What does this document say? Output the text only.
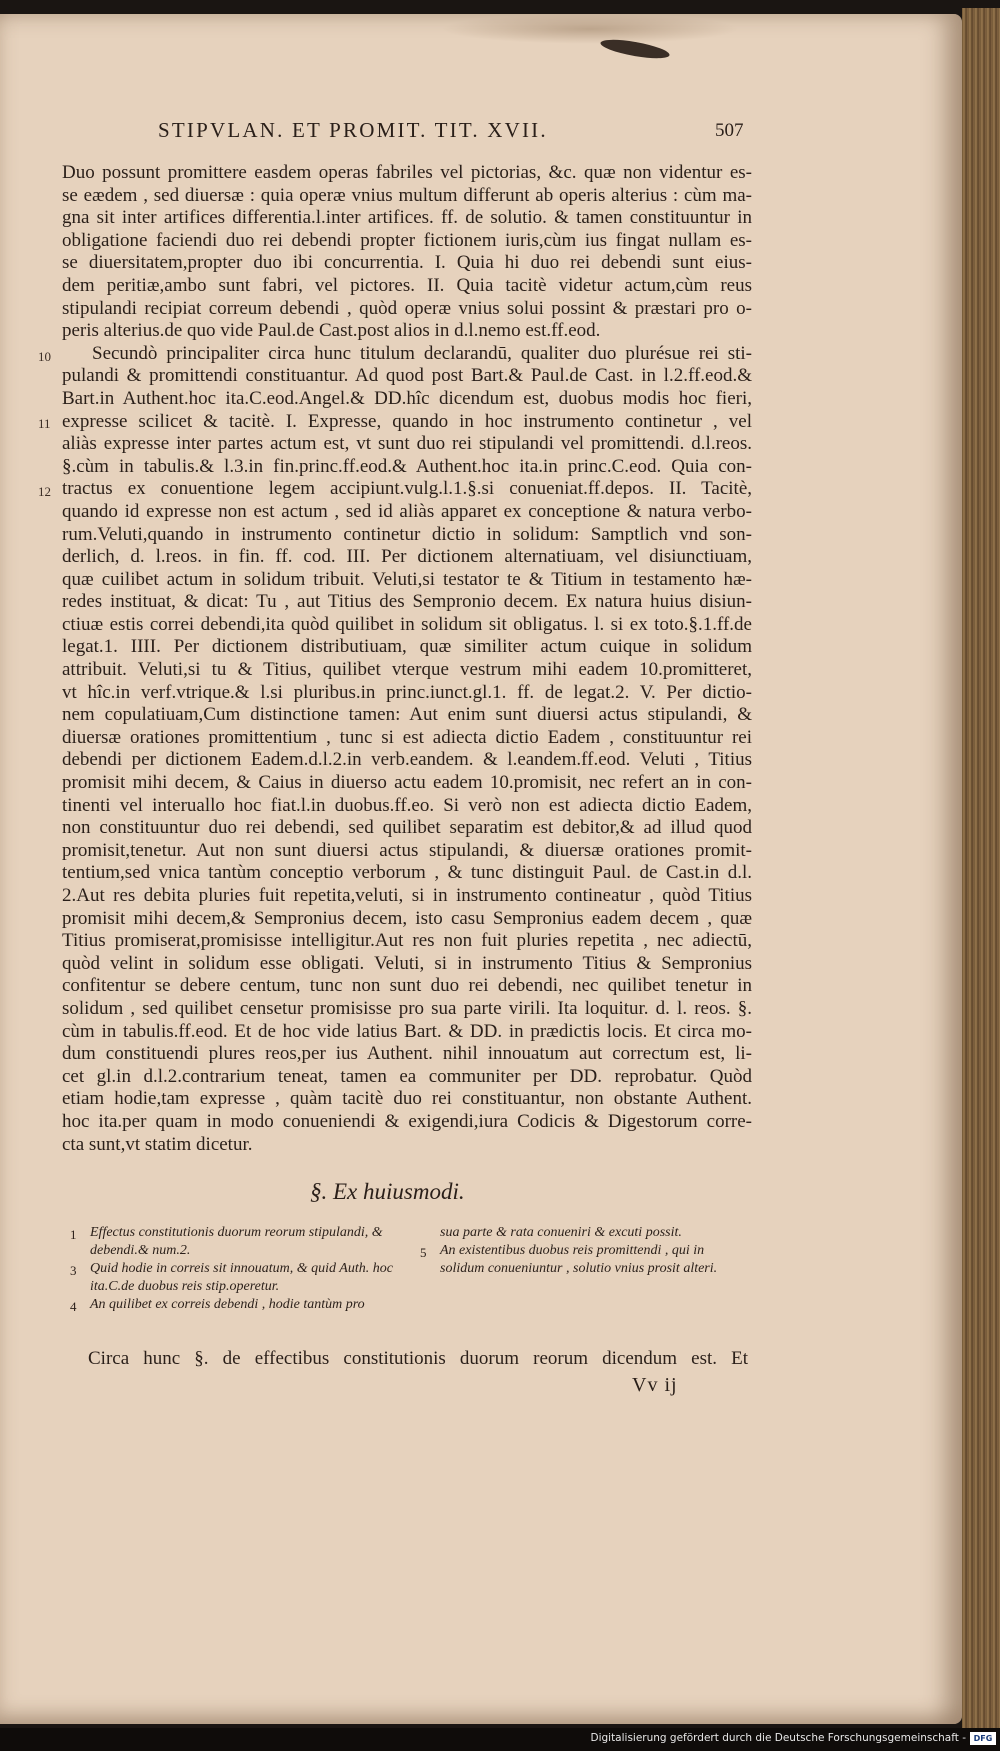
STIPVLAN. ET PROMIT. TIT. XVII.	507
10
11
12
Duo possunt promittere easdem operas fabriles vel pictorias, &c. quæ non videntur es-
se eædem , sed diuersæ : quia operæ vnius multum differunt ab operis alterius : cùm ma-
gna sit inter artifices differentia.l.inter artifices. ff. de solutio. & tamen constituuntur in
obligatione faciendi duo rei debendi propter fictionem iuris,cùm ius fingat nullam es-
se diuersitatem,propter duo ibi concurrentia. I. Quia hi duo rei debendi sunt eius-
dem peritiæ,ambo sunt fabri, vel pictores. II. Quia tacitè videtur actum,cùm reus
stipulandi recipiat correum debendi , quòd operæ vnius solui possint & præstari pro o-
peris alterius.de quo vide Paul.de Cast.post alios in d.l.nemo est.ff.eod.
Secundò principaliter circa hunc titulum declarandū, qualiter duo plurésue rei sti-
pulandi & promittendi constituantur. Ad quod post Bart.& Paul.de Cast. in l.2.ff.eod.&
Bart.in Authent.hoc ita.C.eod.Angel.& DD.hîc dicendum est, duobus modis hoc fieri,
expresse scilicet & tacitè. I. Expresse, quando in hoc instrumento continetur , vel
aliàs expresse inter partes actum est, vt sunt duo rei stipulandi vel promittendi. d.l.reos.
§.cùm in tabulis.& l.3.in fin.princ.ff.eod.& Authent.hoc ita.in princ.C.eod. Quia con-
tractus ex conuentione legem accipiunt.vulg.l.1.§.si conueniat.ff.depos. II. Tacitè,
quando id expresse non est actum , sed id aliàs apparet ex conceptione & natura verbo-
rum.Veluti,quando in instrumento continetur dictio in solidum: Samptlich vnd son-
derlich, d. l.reos. in fin. ff. cod. III. Per dictionem alternatiuam, vel disiunctiuam,
quæ cuilibet actum in solidum tribuit. Veluti,si testator te & Titium in testamento hæ-
redes instituat, & dicat: Tu , aut Titius des Sempronio decem. Ex natura huius disiun-
ctiuæ estis correi debendi,ita quòd quilibet in solidum sit obligatus. l. si ex toto.§.1.ff.de
legat.1. IIII. Per dictionem distributiuam, quæ similiter actum cuique in solidum
attribuit. Veluti,si tu & Titius, quilibet vterque vestrum mihi eadem 10.promitteret,
vt hîc.in verf.vtrique.& l.si pluribus.in princ.iunct.gl.1. ff. de legat.2. V. Per dictio-
nem copulatiuam,Cum distinctione tamen: Aut enim sunt diuersi actus stipulandi, &
diuersæ orationes promittentium , tunc si est adiecta dictio Eadem , constituuntur rei
debendi per dictionem Eadem.d.l.2.in verb.eandem. & l.eandem.ff.eod. Veluti , Titius
promisit mihi decem, & Caius in diuerso actu eadem 10.promisit, nec refert an in con-
tinenti vel interuallo hoc fiat.l.in duobus.ff.eo. Si verò non est adiecta dictio Eadem,
non constituuntur duo rei debendi, sed quilibet separatim est debitor,& ad illud quod
promisit,tenetur. Aut non sunt diuersi actus stipulandi, & diuersæ orationes promit-
tentium,sed vnica tantùm conceptio verborum , & tunc distinguit Paul. de Cast.in d.l.
2.Aut res debita pluries fuit repetita,veluti, si in instrumento contineatur , quòd Titius
promisit mihi decem,& Sempronius decem, isto casu Sempronius eadem decem , quæ
Titius promiserat,promisisse intelligitur.Aut res non fuit pluries repetita , nec adiectū,
quòd velint in solidum esse obligati. Veluti, si in instrumento Titius & Sempronius
confitentur se debere centum, tunc non sunt duo rei debendi, nec quilibet tenetur in
solidum , sed quilibet censetur promisisse pro sua parte virili. Ita loquitur. d. l. reos. §.
cùm in tabulis.ff.eod. Et de hoc vide latius Bart. & DD. in prædictis locis. Et circa mo-
dum constituendi plures reos,per ius Authent. nihil innouatum aut correctum est, li-
cet gl.in d.l.2.contrarium teneat, tamen ea communiter per DD. reprobatur. Quòd
etiam hodie,tam expresse , quàm tacitè duo rei constituantur, non obstante Authent.
hoc ita.per quam in modo conueniendi & exigendi,iura Codicis & Digestorum corre-
cta sunt,vt statim dicetur.
§. Ex huiusmodi.
1 Effectus constitutionis duorum reorum stipulandi, & debendi.& num.2.
3 Quid hodie in correis sit innouatum, & quid Auth. hoc ita.C.de duobus reis stip.operetur.
4 An quilibet ex correis debendi , hodie tantùm pro
sua parte & rata conueniri & excuti possit.
5 An existentibus duobus reis promittendi , qui in solidum conueniuntur , solutio vnius prosit alteri.
Circa hunc §. de effectibus constitutionis duorum reorum dicendum est. Et
Vv ij
Digitalisierung gefördert durch die Deutsche Forschungsgemeinschaft - DFG
